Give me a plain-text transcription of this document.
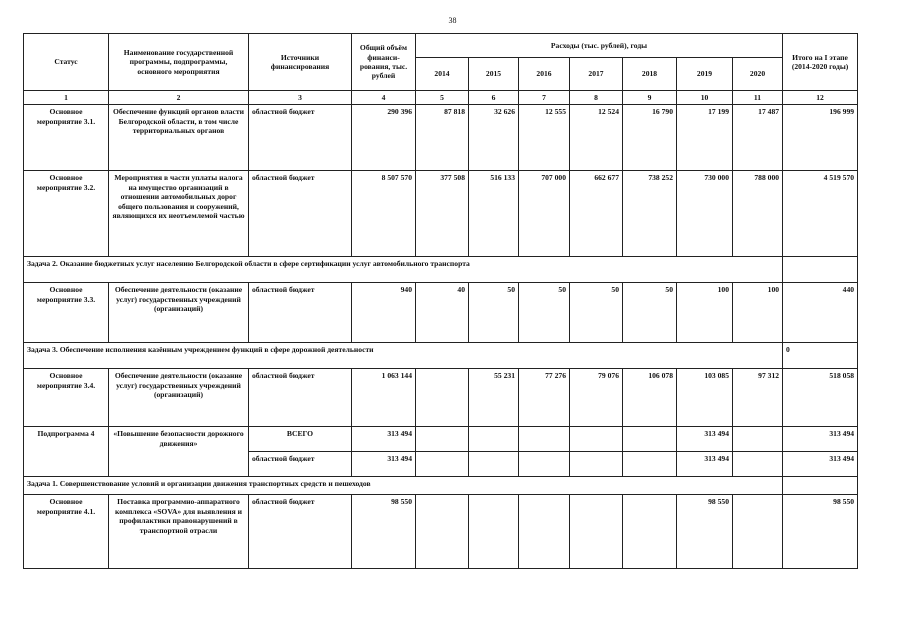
38
Статус	Наименование государственной программы, подпрограммы, основного мероприятия	Источники финансирования	Общий объём финанси-рования, тыс. рублей	Расходы (тыс. рублей), годы							Итого на I этапе (2014-2020 годы)
				2014	2015	2016	2017	2018	2019	2020	
1	2	3	4	5	6	7	8	9	10	11	12
Основное мероприятие 3.1.	Обеспечение функций органов власти Белгородской области, в том числе территориальных органов	областной бюджет	290 396	87 818	32 626	12 555	12 524	16 790	17 199	17 487	196 999
Основное мероприятие 3.2.	Мероприятия в части уплаты налога на имущество организаций в отношении автомобильных дорог общего пользования и сооружений, являющихся их неотъемлемой частью	областной бюджет	8 507 570	377 508	516 133	707 000	662 677	738 252	730 000	788 000	4 519 570
Задача 2. Оказание бюджетных услуг населению Белгородской области в сфере сертификации услуг автомобильного транспорта											
Основное мероприятие 3.3.	Обеспечение деятельности (оказание услуг) государственных учреждений (организаций)	областной бюджет	940	40	50	50	50	50	100	100	440
Задача 3. Обеспечение исполнения казённым учреждением функций в сфере дорожной деятельности											0
Основное мероприятие 3.4.	Обеспечение деятельности (оказание услуг) государственных учреждений (организаций)	областной бюджет	1 063 144		55 231	77 276	79 076	106 078	103 085	97 312	518 058
Подпрограмма 4	«Повышение безопасности дорожного движения»	ВСЕГО	313 494						313 494		313 494
		областной бюджет	313 494						313 494		313 494
Задача 1. Совершенствование условий и организации движения транспортных средств и пешеходов											
Основное мероприятие 4.1.	Поставка программно-аппаратного комплекса «SOVA» для выявления и профилактики правонарушений в транспортной отрасли	областной бюджет	98 550						98 550		98 550
